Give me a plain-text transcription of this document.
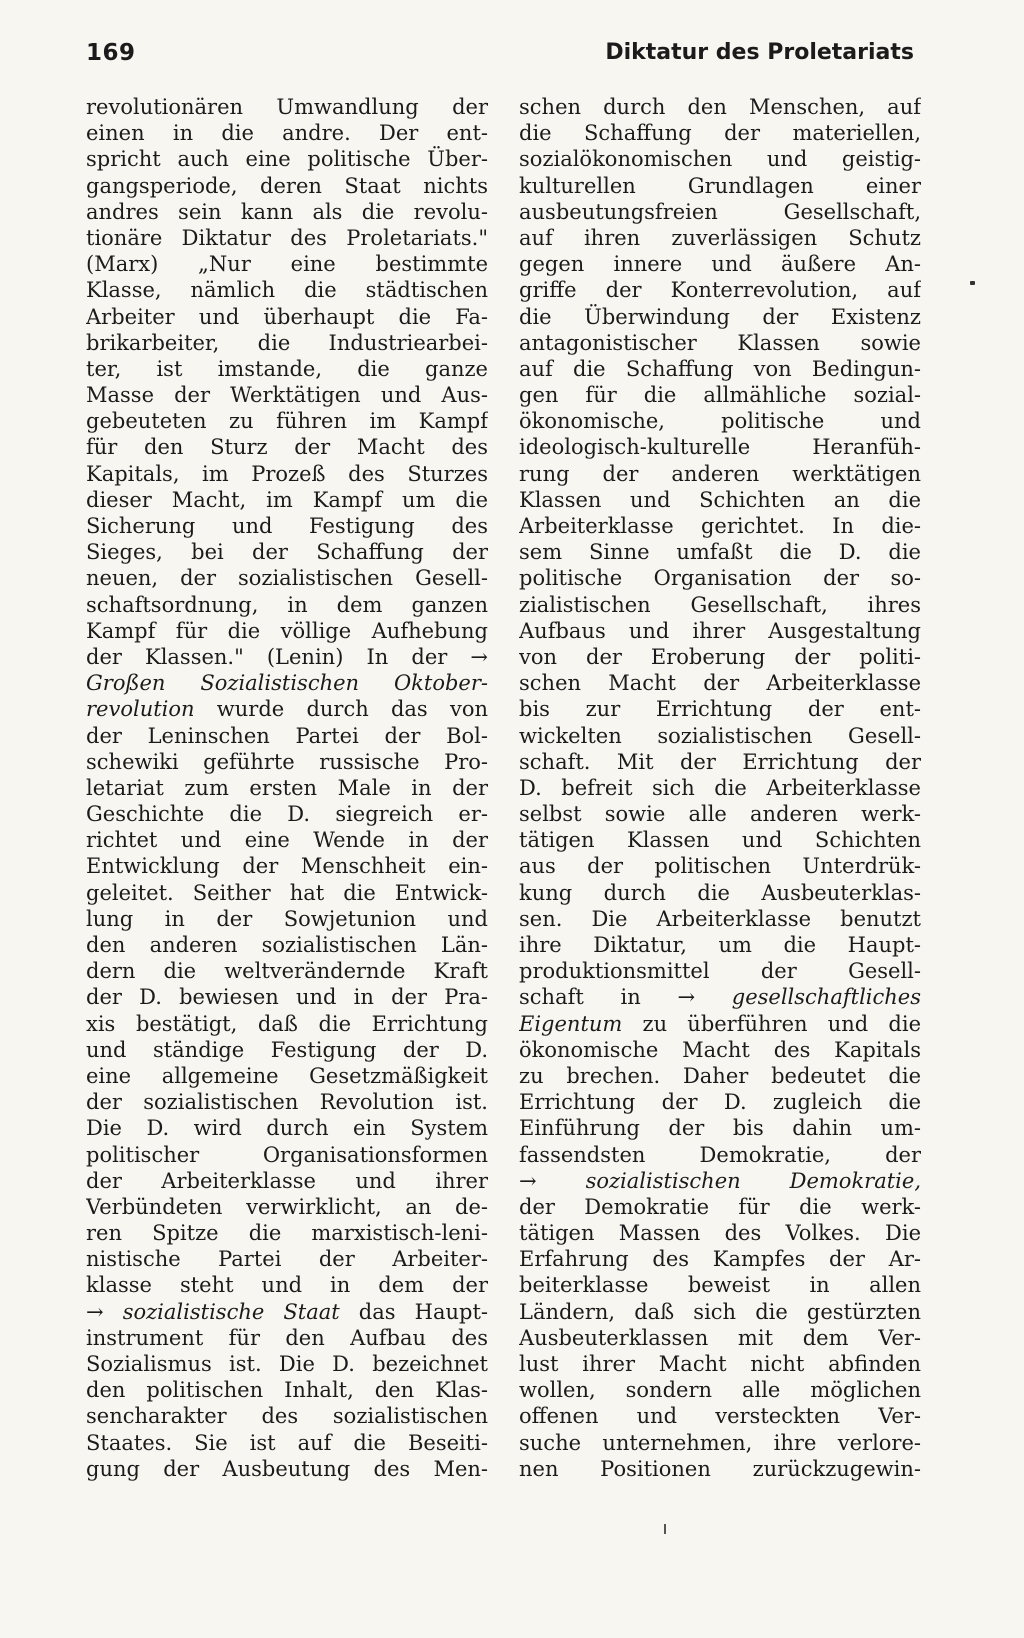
169	Diktatur des Proletariats
revolutionären Umwandlung der
einen in die andre. Der ent-
spricht auch eine politische Über-
gangsperiode, deren Staat nichts
andres sein kann als die revolu-
tionäre Diktatur des Proletariats."
(Marx) „Nur eine bestimmte
Klasse, nämlich die städtischen
Arbeiter und überhaupt die Fa-
brikarbeiter, die Industriearbei-
ter, ist imstande, die ganze
Masse der Werktätigen und Aus-
gebeuteten zu führen im Kampf
für den Sturz der Macht des
Kapitals, im Prozeß des Sturzes
dieser Macht, im Kampf um die
Sicherung und Festigung des
Sieges, bei der Schaffung der
neuen, der sozialistischen Gesell-
schaftsordnung, in dem ganzen
Kampf für die völlige Aufhebung
der Klassen." (Lenin) In der →
Großen Sozialistischen Oktober-
revolution wurde durch das von
der Leninschen Partei der Bol-
schewiki geführte russische Pro-
letariat zum ersten Male in der
Geschichte die D. siegreich er-
richtet und eine Wende in der
Entwicklung der Menschheit ein-
geleitet. Seither hat die Entwick-
lung in der Sowjetunion und
den anderen sozialistischen Län-
dern die weltverändernde Kraft
der D. bewiesen und in der Pra-
xis bestätigt, daß die Errichtung
und ständige Festigung der D.
eine allgemeine Gesetzmäßigkeit
der sozialistischen Revolution ist.
Die D. wird durch ein System
politischer Organisationsformen
der Arbeiterklasse und ihrer
Verbündeten verwirklicht, an de-
ren Spitze die marxistisch-leni-
nistische Partei der Arbeiter-
klasse steht und in dem der
→ sozialistische Staat das Haupt-
instrument für den Aufbau des
Sozialismus ist. Die D. bezeichnet
den politischen Inhalt, den Klas-
sencharakter des sozialistischen
Staates. Sie ist auf die Beseiti-
gung der Ausbeutung des Men-
schen durch den Menschen, auf
die Schaffung der materiellen,
sozialökonomischen und geistig-
kulturellen Grundlagen einer
ausbeutungsfreien Gesellschaft,
auf ihren zuverlässigen Schutz
gegen innere und äußere An-
griffe der Konterrevolution, auf
die Überwindung der Existenz
antagonistischer Klassen sowie
auf die Schaffung von Bedingun-
gen für die allmähliche sozial-
ökonomische, politische und
ideologisch-kulturelle Heranfüh-
rung der anderen werktätigen
Klassen und Schichten an die
Arbeiterklasse gerichtet. In die-
sem Sinne umfaßt die D. die
politische Organisation der so-
zialistischen Gesellschaft, ihres
Aufbaus und ihrer Ausgestaltung
von der Eroberung der politi-
schen Macht der Arbeiterklasse
bis zur Errichtung der ent-
wickelten sozialistischen Gesell-
schaft. Mit der Errichtung der
D. befreit sich die Arbeiterklasse
selbst sowie alle anderen werk-
tätigen Klassen und Schichten
aus der politischen Unterdrük-
kung durch die Ausbeuterklas-
sen. Die Arbeiterklasse benutzt
ihre Diktatur, um die Haupt-
produktionsmittel der Gesell-
schaft in → gesellschaftliches
Eigentum zu überführen und die
ökonomische Macht des Kapitals
zu brechen. Daher bedeutet die
Errichtung der D. zugleich die
Einführung der bis dahin um-
fassendsten Demokratie, der
→ sozialistischen Demokratie,
der Demokratie für die werk-
tätigen Massen des Volkes. Die
Erfahrung des Kampfes der Ar-
beiterklasse beweist in allen
Ländern, daß sich die gestürzten
Ausbeuterklassen mit dem Ver-
lust ihrer Macht nicht abfinden
wollen, sondern alle möglichen
offenen und versteckten Ver-
suche unternehmen, ihre verlore-
nen Positionen zurückzugewin-
